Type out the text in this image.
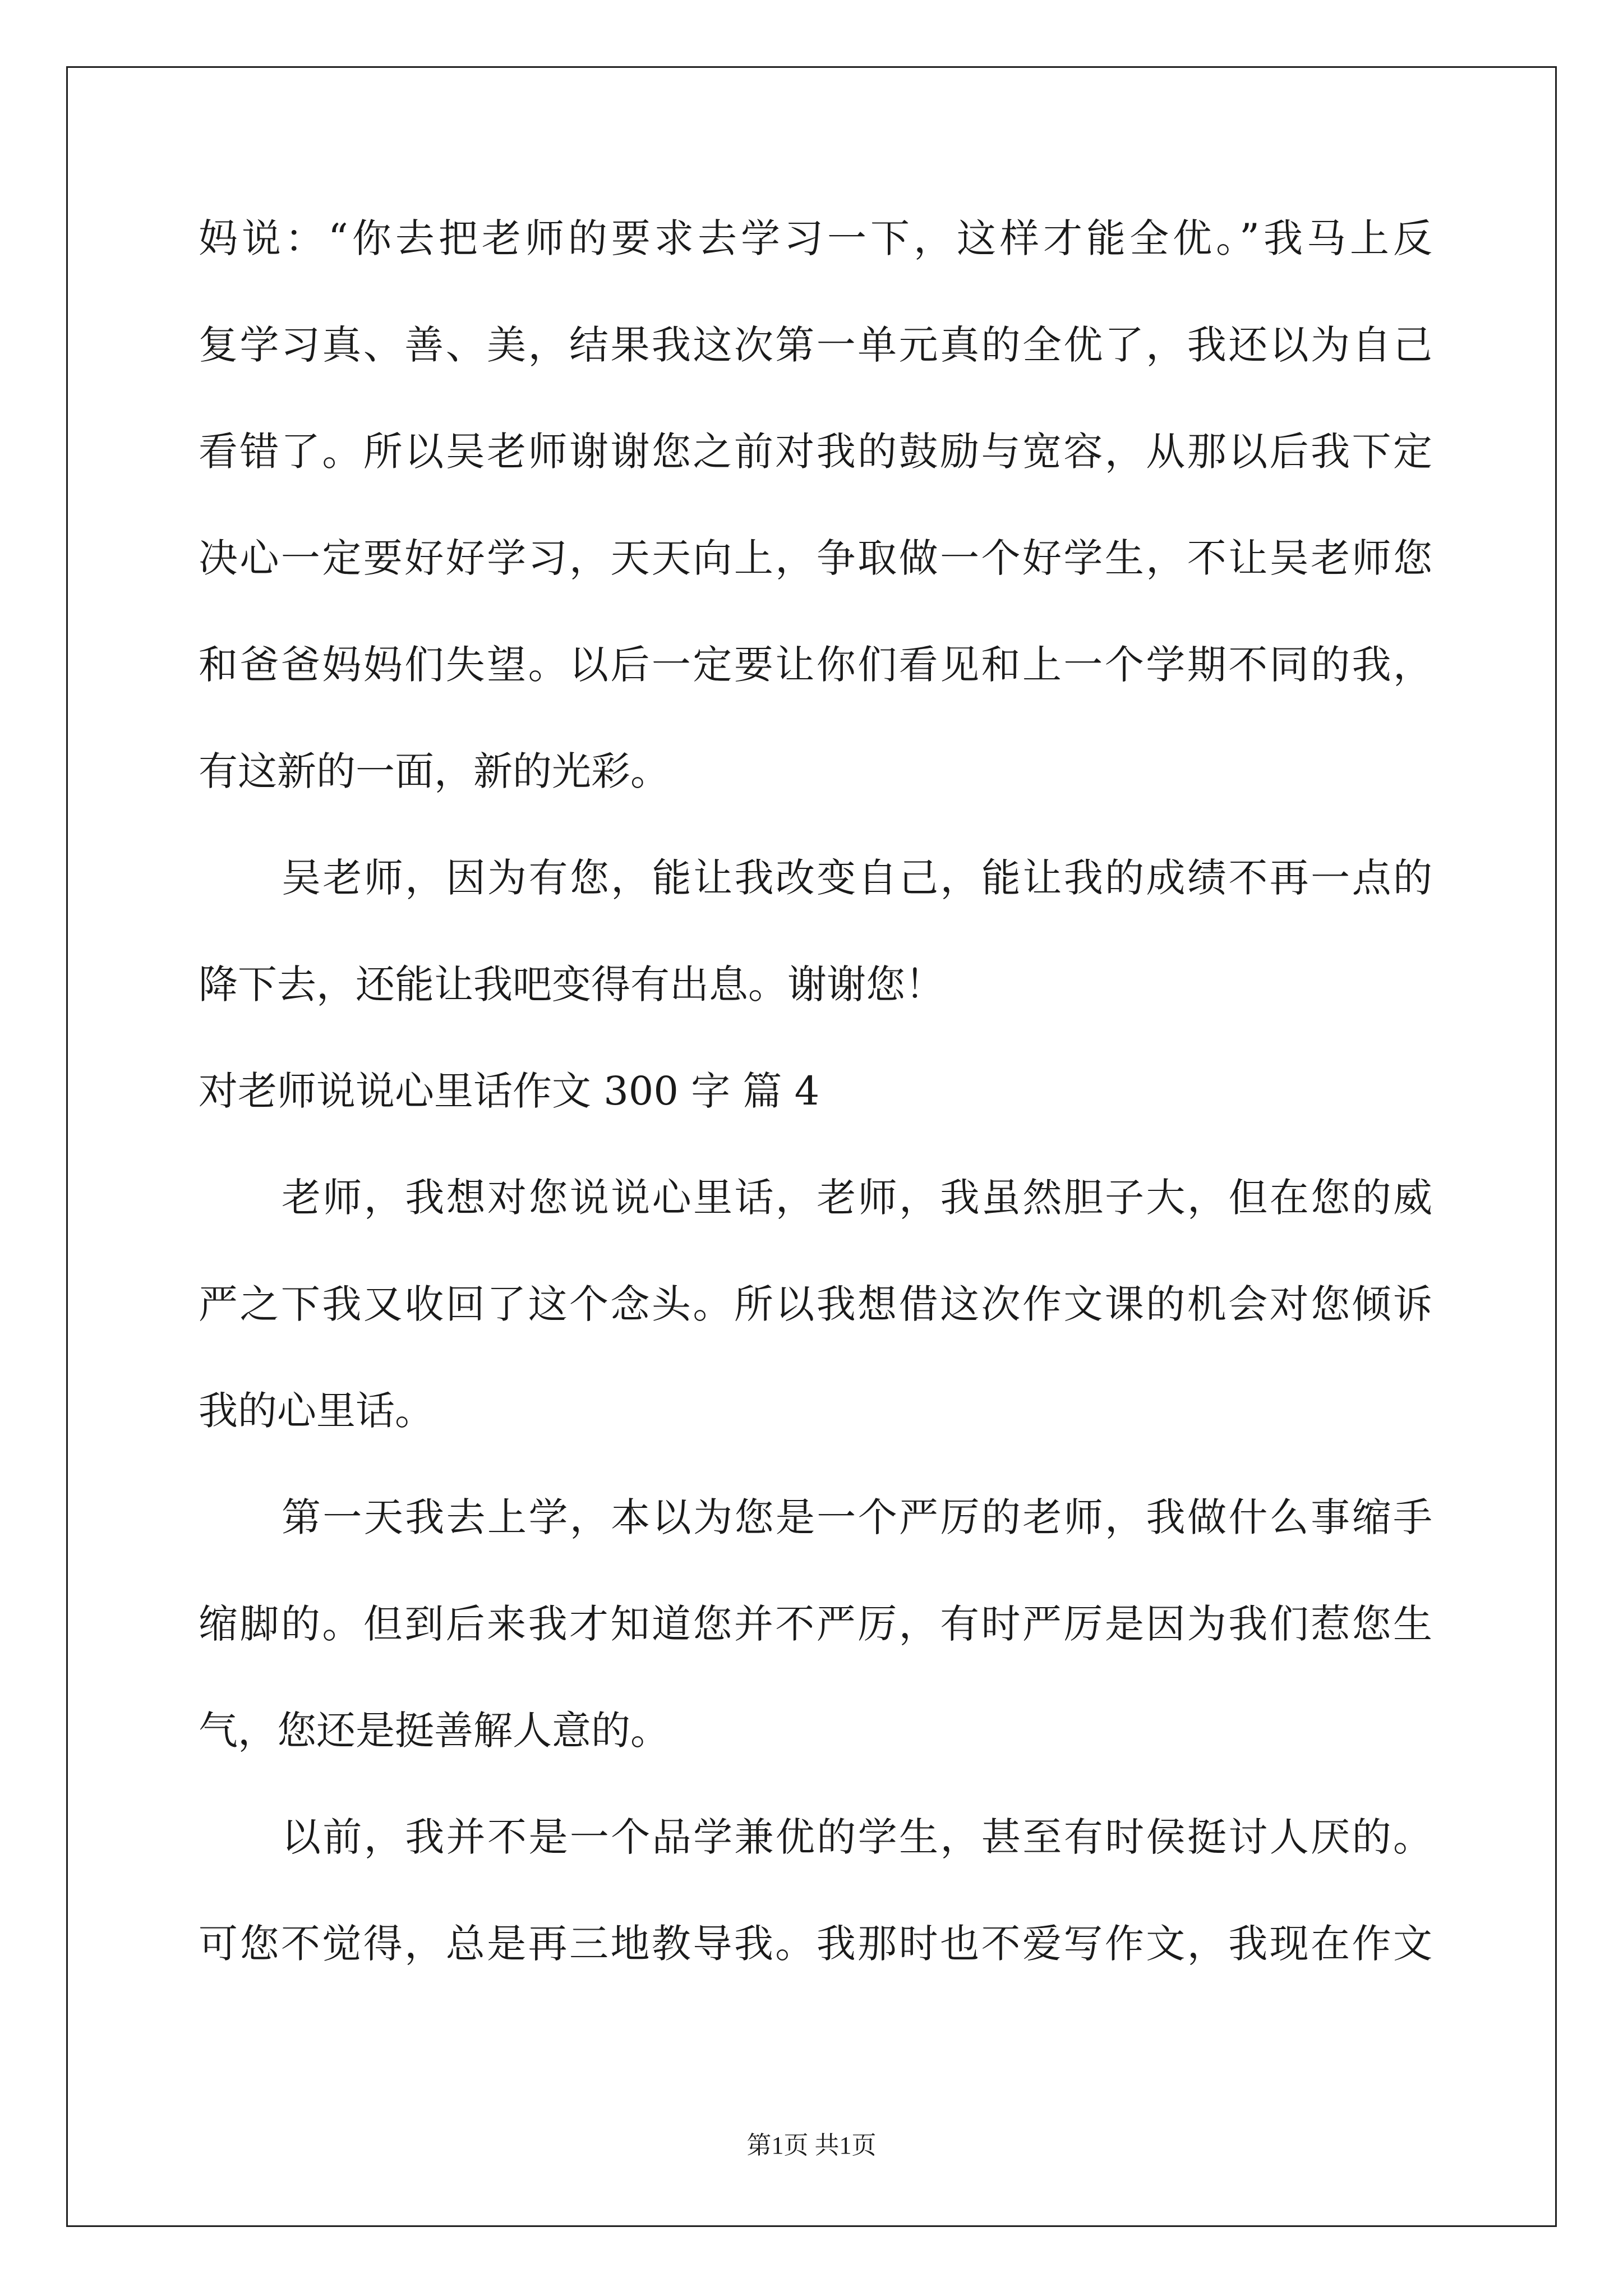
妈说：“你去把老师的要求去学习一下，这样才能全优。”我马上反
复学习真、善、美，结果我这次第一单元真的全优了，我还以为自己
看错了。所以吴老师谢谢您之前对我的鼓励与宽容，从那以后我下定
决心一定要好好学习，天天向上，争取做一个好学生，不让吴老师您
和爸爸妈妈们失望。以后一定要让你们看见和上一个学期不同的我，
有这新的一面，新的光彩。
吴老师，因为有您，能让我改变自己，能让我的成绩不再一点的
降下去，还能让我吧变得有出息。谢谢您！
对老师说说心里话作文 300 字 篇 4
老师，我想对您说说心里话，老师，我虽然胆子大，但在您的威
严之下我又收回了这个念头。所以我想借这次作文课的机会对您倾诉
我的心里话。
第一天我去上学，本以为您是一个严厉的老师，我做什么事缩手
缩脚的。但到后来我才知道您并不严厉，有时严厉是因为我们惹您生
气，您还是挺善解人意的。
以前，我并不是一个品学兼优的学生，甚至有时侯挺讨人厌的。
可您不觉得，总是再三地教导我。我那时也不爱写作文，我现在作文
第1页 共1页
